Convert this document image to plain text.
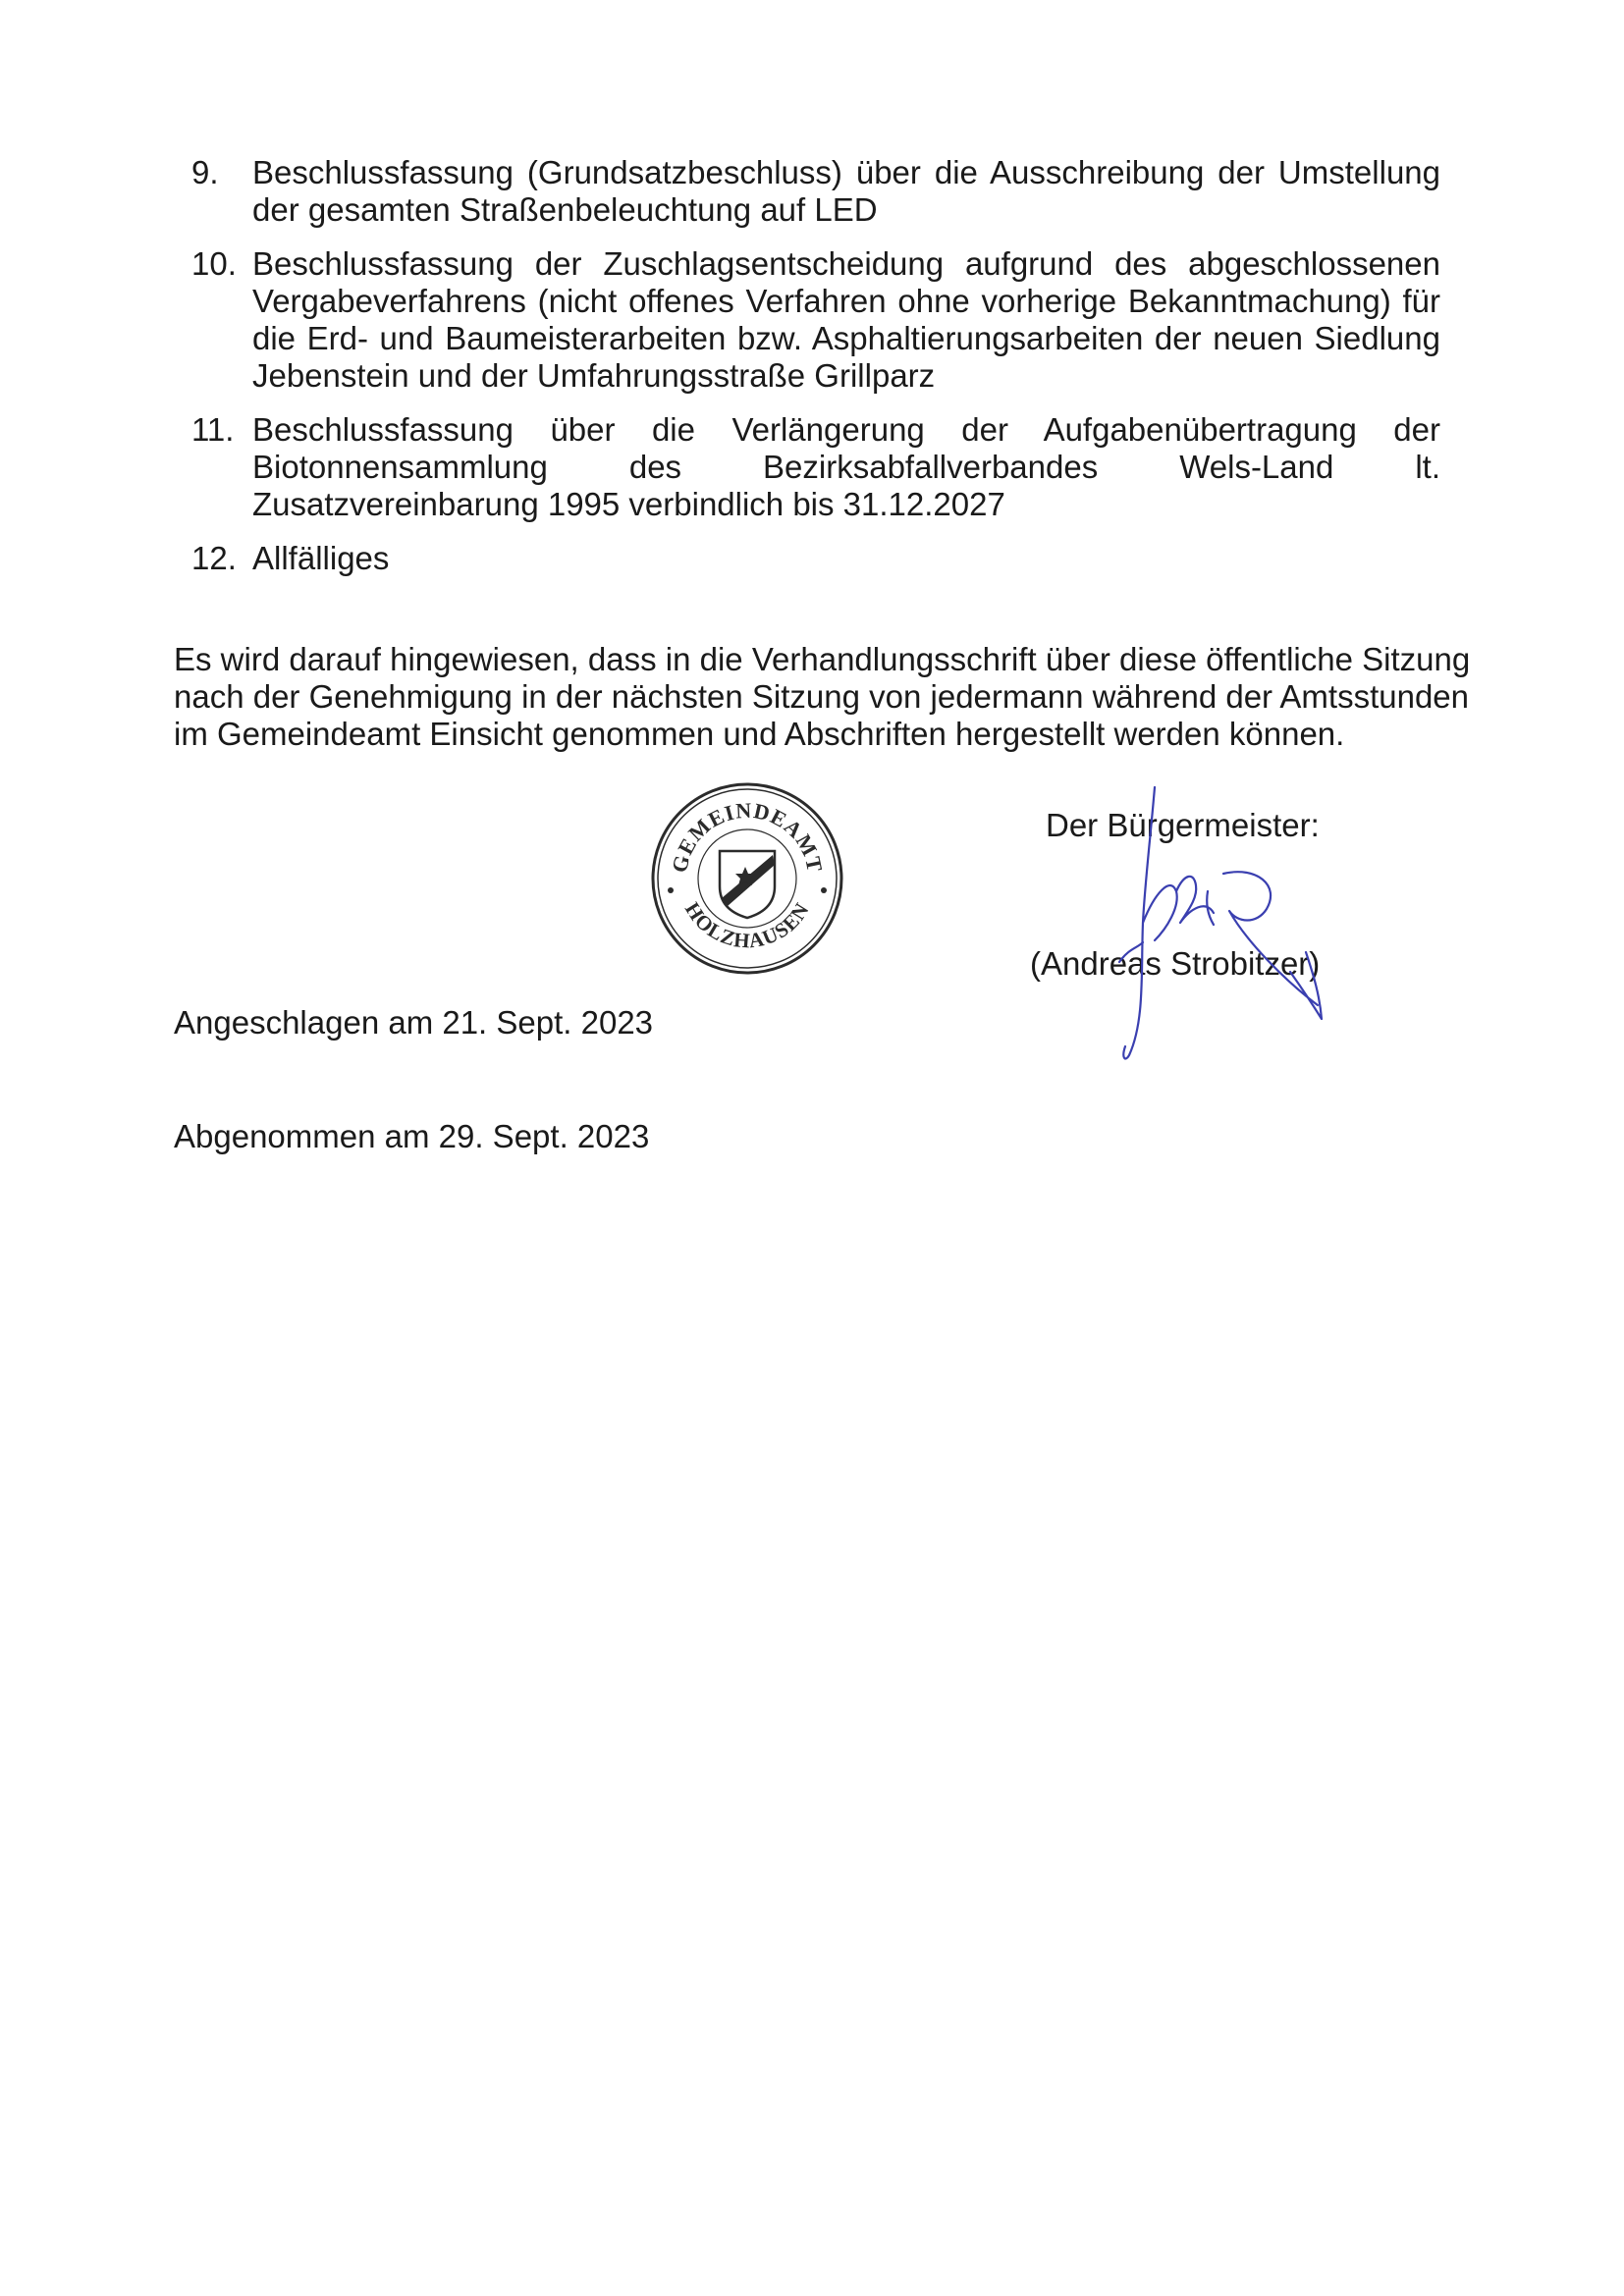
9. Beschlussfassung (Grundsatzbeschluss) über die Ausschreibung der Umstellung der gesamten Straßenbeleuchtung auf LED
10. Beschlussfassung der Zuschlagsentscheidung aufgrund des abgeschlossenen Vergabeverfahrens (nicht offenes Verfahren ohne vorherige Bekanntmachung) für die Erd- und Baumeisterarbeiten bzw. Asphaltierungsarbeiten der neuen Siedlung Jebenstein und der Umfahrungsstraße Grillparz
11. Beschlussfassung über die Verlängerung der Aufgabenübertragung der Biotonnensammlung des Bezirksabfallverbandes Wels-Land lt. Zusatzvereinbarung 1995 verbindlich bis 31.12.2027
12. Allfälliges

Es wird darauf hingewiesen, dass in die Verhandlungsschrift über diese öffentliche Sitzung nach der Genehmigung in der nächsten Sitzung von jedermann während der Amtsstunden im Gemeindeamt Einsicht genommen und Abschriften hergestellt werden können.

GEMEINDEAMT
HOLZHAUSEN

Der Bürgermeister:

(Andreas Strobitzer)

Angeschlagen am 21. Sept. 2023

Abgenommen am 29. Sept. 2023
